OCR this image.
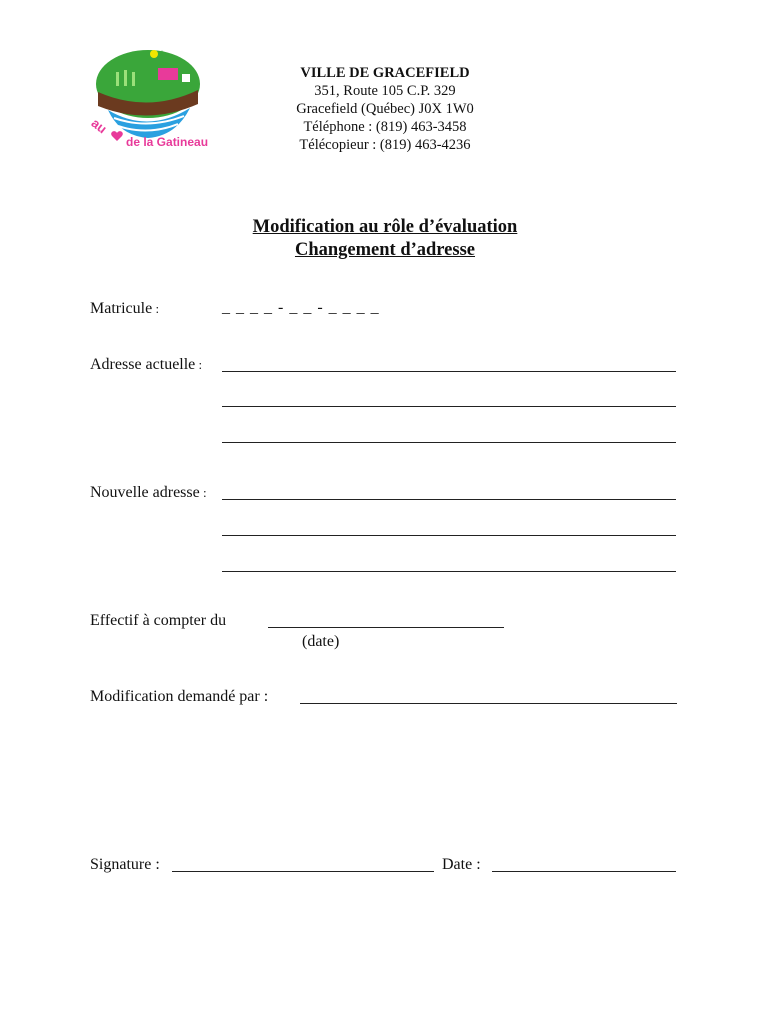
au
de la Gatineau
VILLE DE GRACEFIELD
351, Route 105 C.P. 329
Gracefield (Québec) J0X 1W0
Téléphone : (819) 463-3458
Télécopieur : (819) 463-4236
Modification au rôle d’évaluation
Changement d’adresse
Matricule :	_ _ _ _ - _ _ - _ _ _ _
Adresse actuelle :
Nouvelle adresse :
Effectif à compter du
(date)
Modification demandé par :
Signature :	Date :
